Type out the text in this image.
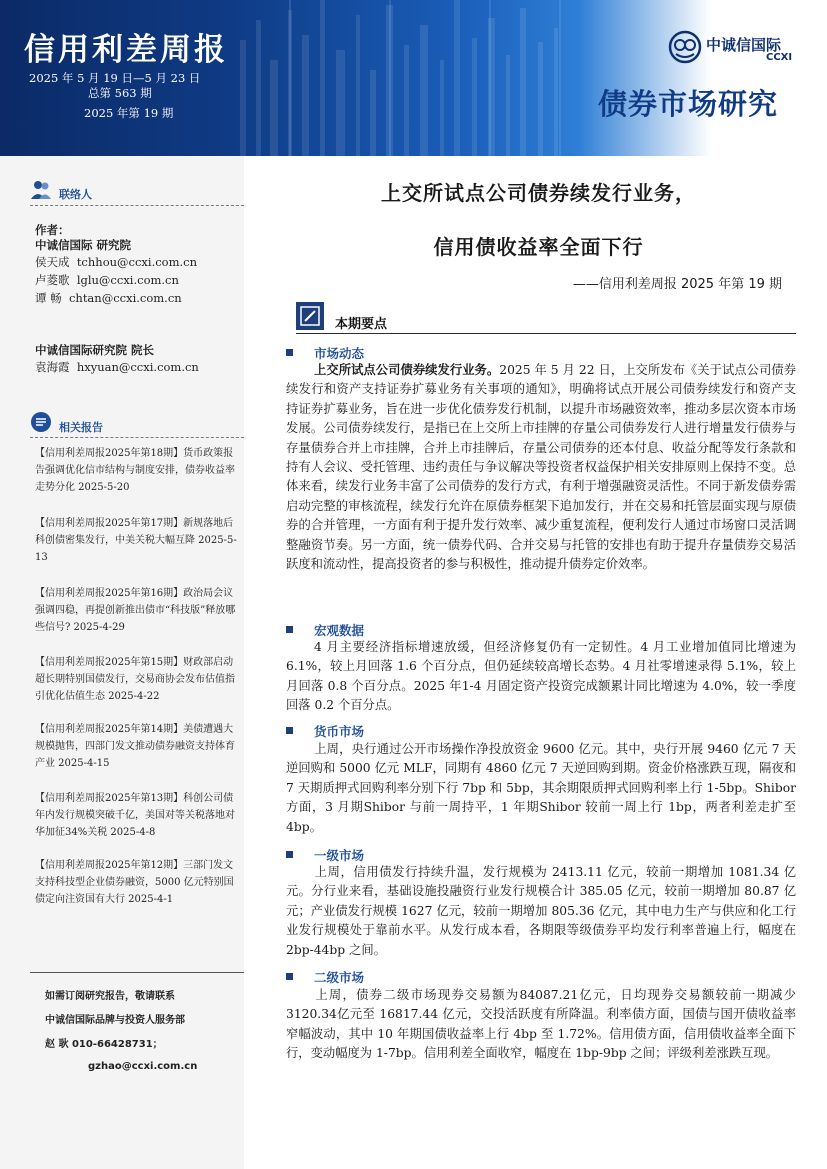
信用利差周报
2025 年 5 月 19 日—5 月 23 日
总第 563 期
2025 年第 19 期
中诚信国际
CCXI
债券市场研究
联络人
作者：
中诚信国际 研究院
侯天成 tchhou@ccxi.com.cn
卢菱歌 lglu@ccxi.com.cn
谭 畅 chtan@ccxi.com.cn
中诚信国际研究院 院长
袁海霞 hxyuan@ccxi.com.cn
相关报告
【信用利差周报2025年第18期】货币政策报告强调优化信市结构与制度安排，债券收益率走势分化 2025-5-20
【信用利差周报2025年第17期】新规落地后科创债密集发行，中美关税大幅互降 2025-5-13
【信用利差周报2025年第16期】政治局会议强调四稳，再提创新推出债市“科技版”释放哪些信号? 2025-4-29
【信用利差周报2025年第15期】财政部启动超长期特别国债发行，交易商协会发布估值指引优化估值生态 2025-4-22
【信用利差周报2025年第14期】美债遭遇大规模抛售，四部门发文推动债券融资支持体育产业 2025-4-15
【信用利差周报2025年第13期】科创公司债年内发行规模突破千亿，美国对等关税落地对华加征34%关税 2025-4-8
【信用利差周报2025年第12期】三部门发文支持科技型企业债券融资，5000 亿元特别国债定向注资国有大行 2025-4-1
如需订阅研究报告，敬请联系
中诚信国际品牌与投资人服务部
赵 耿 010-66428731；
gzhao@ccxi.com.cn
上交所试点公司债券续发行业务，
信用债收益率全面下行
——信用利差周报 2025 年第 19 期
本期要点
市场动态
上交所试点公司债券续发行业务。2025 年 5 月 22 日，上交所发布《关于试点公司债券续发行和资产支持证券扩募业务有关事项的通知》，明确将试点开展公司债券续发行和资产支持证券扩募业务，旨在进一步优化债券发行机制，以提升市场融资效率，推动多层次资本市场发展。公司债券续发行，是指已在上交所上市挂牌的存量公司债券发行人进行增量发行债券与存量债券合并上市挂牌，合并上市挂牌后，存量公司债券的还本付息、收益分配等发行条款和持有人会议、受托管理、违约责任与争议解决等投资者权益保护相关安排原则上保持不变。总体来看，续发行业务丰富了公司债券的发行方式，有利于增强融资灵活性。不同于新发债券需启动完整的审核流程，续发行允许在原债券框架下追加发行，并在交易和托管层面实现与原债券的合并管理，一方面有利于提升发行效率、减少重复流程，便利发行人通过市场窗口灵活调整融资节奏。另一方面，统一债券代码、合并交易与托管的安排也有助于提升存量债券交易活跃度和流动性，提高投资者的参与积极性，推动提升债券定价效率。
宏观数据
4 月主要经济指标增速放缓，但经济修复仍有一定韧性。4 月工业增加值同比增速为 6.1%，较上月回落 1.6 个百分点，但仍延续较高增长态势。4 月社零增速录得 5.1%，较上月回落 0.8 个百分点。2025 年1-4 月固定资产投资完成额累计同比增速为 4.0%，较一季度回落 0.2 个百分点。
货币市场
上周，央行通过公开市场操作净投放资金 9600 亿元。其中，央行开展 9460 亿元 7 天逆回购和 5000 亿元 MLF，同期有 4860 亿元 7 天逆回购到期。资金价格涨跌互现，隔夜和 7 天期质押式回购利率分别下行 7bp 和 5bp，其余期限质押式回购利率上行 1-5bp。Shibor 方面，3 月期Shibor 与前一周持平，1 年期Shibor 较前一周上行 1bp，两者利差走扩至 4bp。
一级市场
上周，信用债发行持续升温，发行规模为 2413.11 亿元，较前一期增加 1081.34 亿元。分行业来看，基础设施投融资行业发行规模合计 385.05 亿元，较前一期增加 80.87 亿元；产业债发行规模 1627 亿元，较前一期增加 805.36 亿元，其中电力生产与供应和化工行业发行规模处于靠前水平。从发行成本看，各期限等级债券平均发行利率普遍上行，幅度在 2bp-44bp 之间。
二级市场
上周，债券二级市场现券交易额为84087.21亿元，日均现券交易额较前一期减少3120.34亿元至 16817.44 亿元，交投活跃度有所降温。利率债方面，国债与国开债收益率窄幅波动，其中 10 年期国债收益率上行 4bp 至 1.72%。信用债方面，信用债收益率全面下行，变动幅度为 1-7bp。信用利差全面收窄，幅度在 1bp-9bp 之间；评级利差涨跌互现。
